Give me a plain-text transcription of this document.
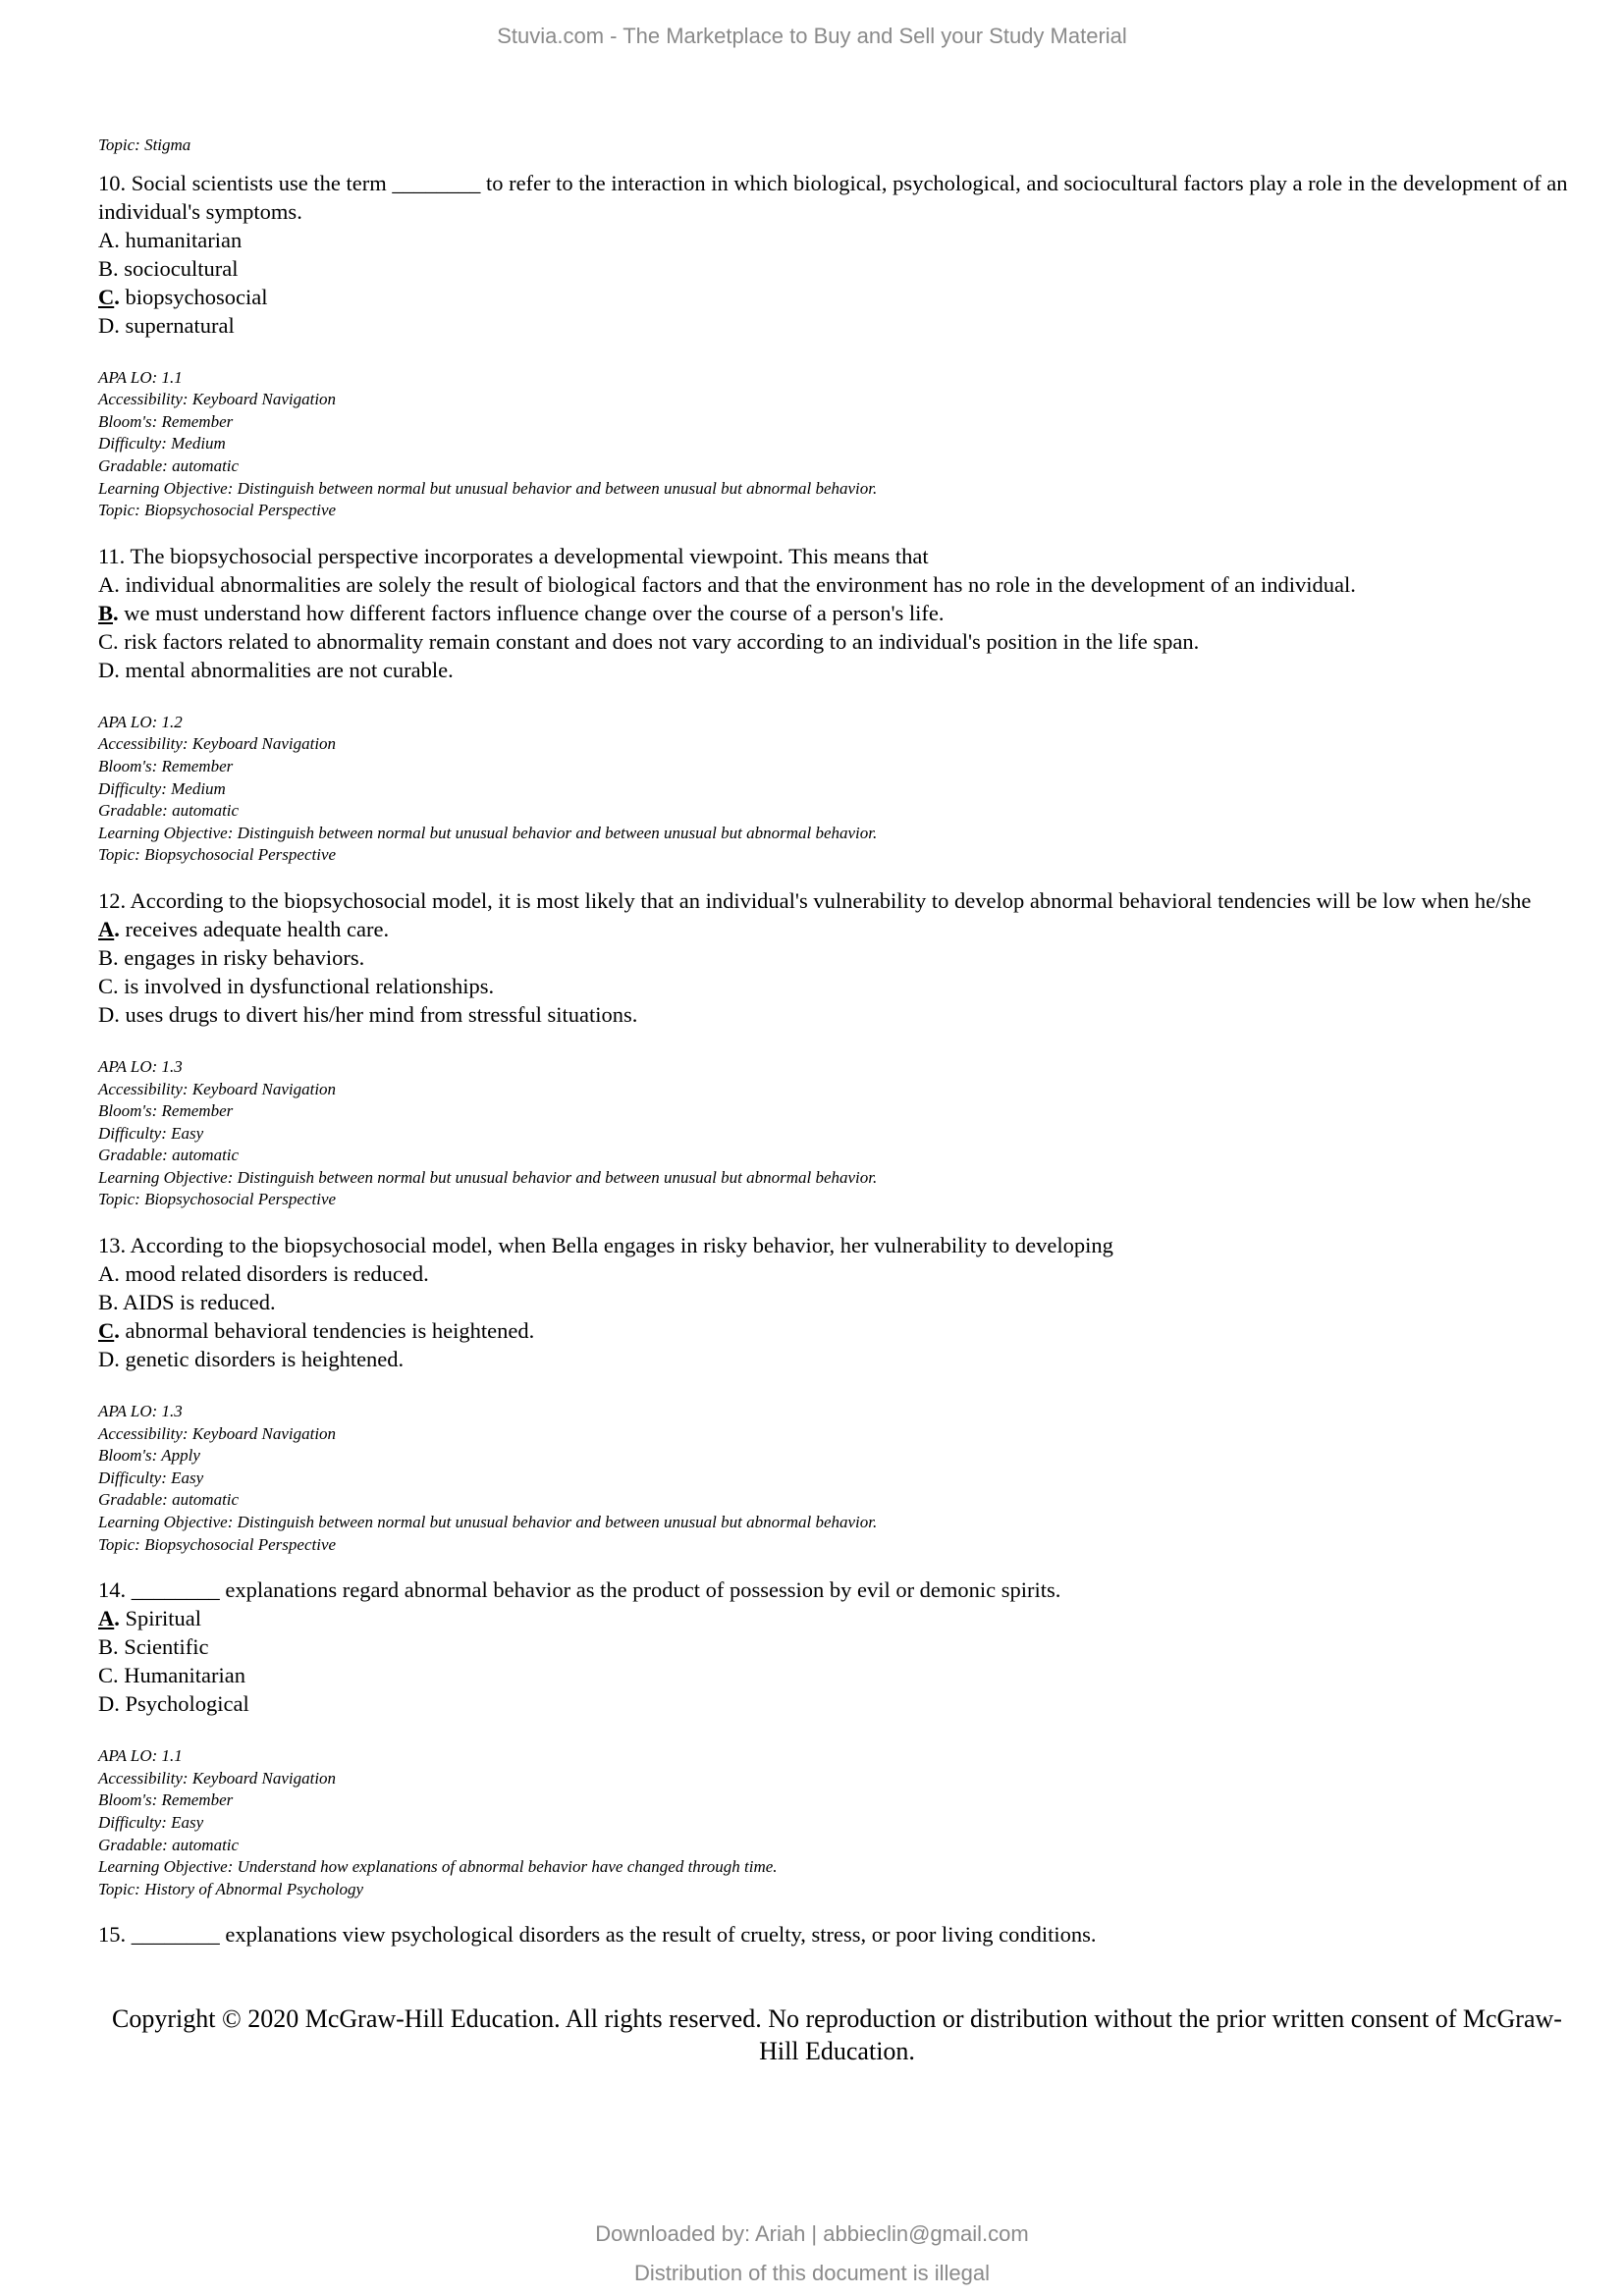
Stuvia.com - The Marketplace to Buy and Sell your Study Material
Topic: Stigma
10. Social scientists use the term ________ to refer to the interaction in which biological, psychological, and sociocultural factors play a role in the development of an individual's symptoms.
A. humanitarian
B. sociocultural
C. biopsychosocial
D. supernatural
APA LO: 1.1
Accessibility: Keyboard Navigation
Bloom's: Remember
Difficulty: Medium
Gradable: automatic
Learning Objective: Distinguish between normal but unusual behavior and between unusual but abnormal behavior.
Topic: Biopsychosocial Perspective
11. The biopsychosocial perspective incorporates a developmental viewpoint. This means that
A. individual abnormalities are solely the result of biological factors and that the environment has no role in the development of an individual.
B. we must understand how different factors influence change over the course of a person's life.
C. risk factors related to abnormality remain constant and does not vary according to an individual's position in the life span.
D. mental abnormalities are not curable.
APA LO: 1.2
Accessibility: Keyboard Navigation
Bloom's: Remember
Difficulty: Medium
Gradable: automatic
Learning Objective: Distinguish between normal but unusual behavior and between unusual but abnormal behavior.
Topic: Biopsychosocial Perspective
12. According to the biopsychosocial model, it is most likely that an individual's vulnerability to develop abnormal behavioral tendencies will be low when he/she
A. receives adequate health care.
B. engages in risky behaviors.
C. is involved in dysfunctional relationships.
D. uses drugs to divert his/her mind from stressful situations.
APA LO: 1.3
Accessibility: Keyboard Navigation
Bloom's: Remember
Difficulty: Easy
Gradable: automatic
Learning Objective: Distinguish between normal but unusual behavior and between unusual but abnormal behavior.
Topic: Biopsychosocial Perspective
13. According to the biopsychosocial model, when Bella engages in risky behavior, her vulnerability to developing
A. mood related disorders is reduced.
B. AIDS is reduced.
C. abnormal behavioral tendencies is heightened.
D. genetic disorders is heightened.
APA LO: 1.3
Accessibility: Keyboard Navigation
Bloom's: Apply
Difficulty: Easy
Gradable: automatic
Learning Objective: Distinguish between normal but unusual behavior and between unusual but abnormal behavior.
Topic: Biopsychosocial Perspective
14. ________ explanations regard abnormal behavior as the product of possession by evil or demonic spirits.
A. Spiritual
B. Scientific
C. Humanitarian
D. Psychological
APA LO: 1.1
Accessibility: Keyboard Navigation
Bloom's: Remember
Difficulty: Easy
Gradable: automatic
Learning Objective: Understand how explanations of abnormal behavior have changed through time.
Topic: History of Abnormal Psychology
15. ________ explanations view psychological disorders as the result of cruelty, stress, or poor living conditions.
Copyright © 2020 McGraw-Hill Education. All rights reserved. No reproduction or distribution without the prior written consent of McGraw-Hill Education.
Downloaded by: Ariah | abbieclin@gmail.com
Distribution of this document is illegal
